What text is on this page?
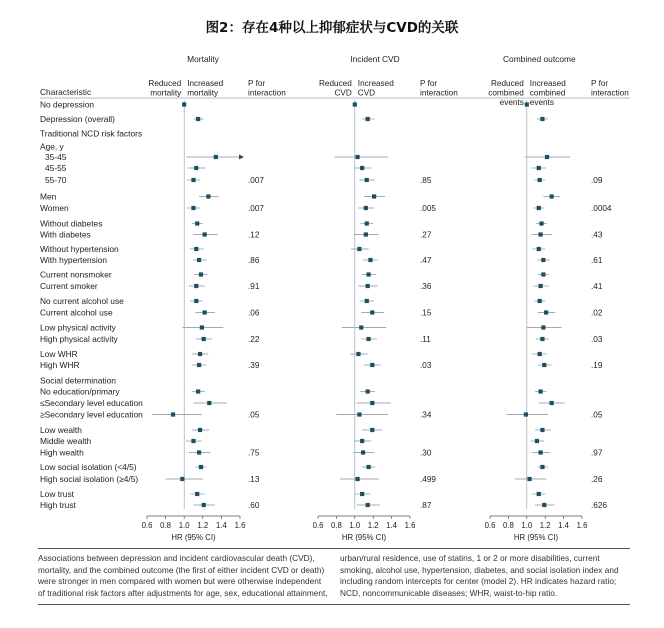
图2：存在4种以上抑郁症状与CVD的关联
Characteristic
No depression
Depression (overall)
Traditional NCD risk factors
Age, y
35-45
45-55
55-70
Men
Women
Without diabetes
With diabetes
Without hypertension
With hypertension
Current nonsmoker
Current smoker
No current alcohol use
Current alcohol use
Low physical activity
High physical activity
Low WHR
High WHR
Social determination
No education/primary
≤Secondary level education
≥Secondary level education
Low wealth
Middle wealth
High wealth
Low social isolation (<4/5)
High social isolation (≥4/5)
Low trust
High trust
Mortality
Reduced
mortality
Increased
mortality
P for
interaction
0.6 0.8 1.0 1.2 1.4 1.6
HR (95% CI)
.007
.007
.12
.86
.91
.06
.22
.39
.05
.75
.13
.60
Incident CVD
Reduced
CVD
Increased
CVD
P for
interaction
0.6 0.8 1.0 1.2 1.4 1.6
HR (95% CI)
.85
.005
.27
.47
.36
.15
.11
.03
.34
.30
.499
.87
Combined outcome
Reduced
combined
events
Increased
combined
events
P for
interaction
0.6 0.8 1.0 1.2 1.4 1.6
HR (95% CI)
.09
.0004
.43
.61
.41
.02
.03
.19
.05
.97
.26
.626
Associations between depression and incident cardiovascular death (CVD), mortality, and the combined outcome (the first of either incident CVD or death) were stronger in men compared with women but were otherwise independent of traditional risk factors after adjustments for age, sex, educational attainment,
urban/rural residence, use of statins, 1 or 2 or more disabilities, current smoking, alcohol use, hypertension, diabetes, and social isolation index and including random intercepts for center (model 2). HR indicates hazard ratio; NCD, noncommunicable diseases; WHR, waist-to-hip ratio.
